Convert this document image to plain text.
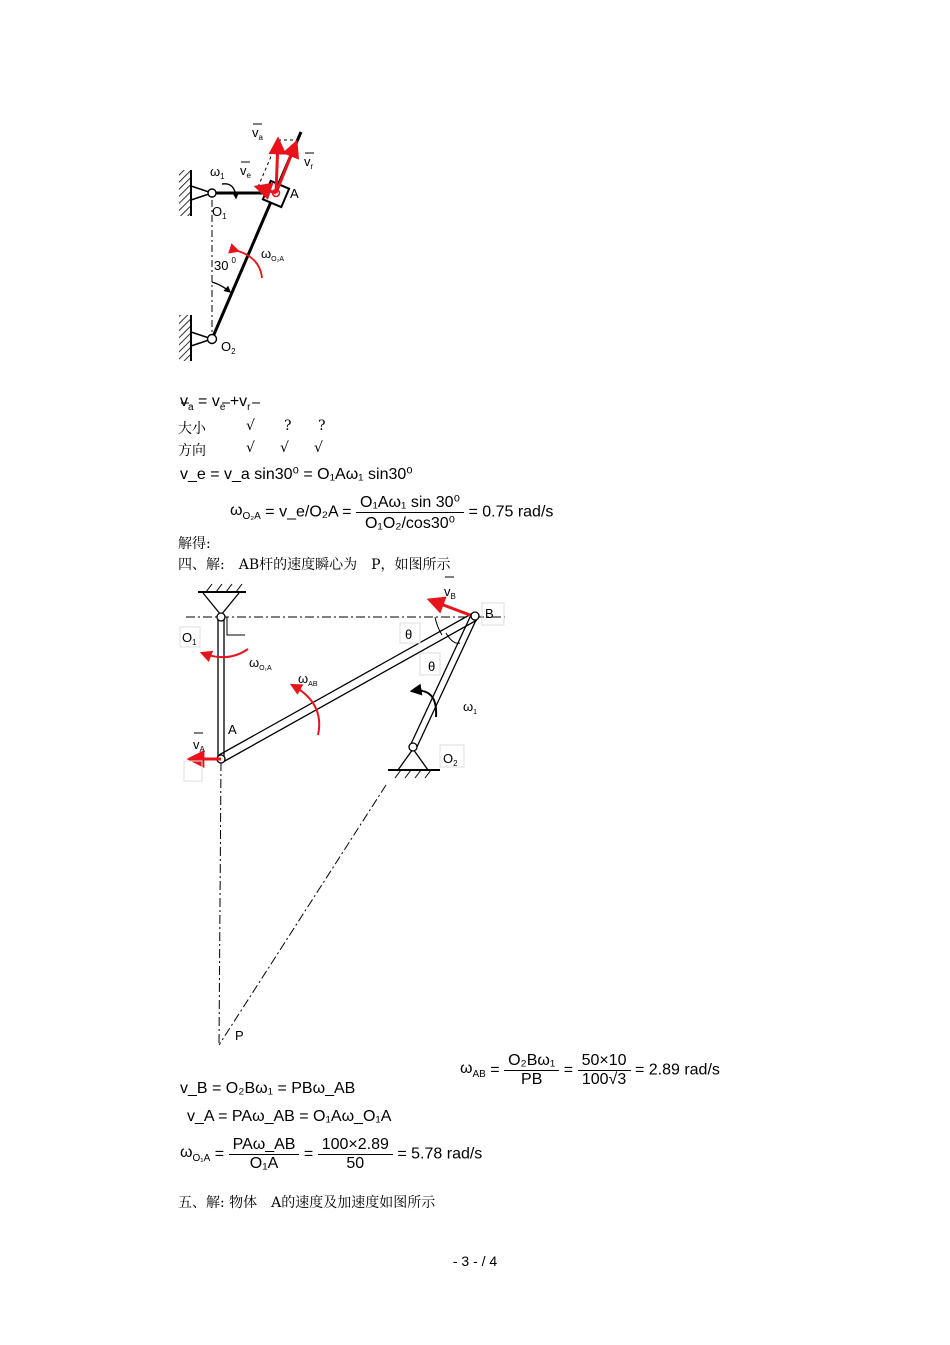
$v_a$
$v_r$
$v_e$
$\omega_1$
A
$O_1$
30 $^0$ $\omega_{O_2A}$
$O_2$
$v_a = v_e +v_r$
大小	√ ? ?
方向	√ √ √
v_e = v_a sin30⁰ = O₁Aω₁ sin30⁰
$\omega_{O_2A}$ = v_e/O₂A = $\frac{\text{O₁Aω₁ sin 30⁰}}{\text{O₁O₂/cos30⁰}} = 0.75$ rad/s
解得:
四、解:　AB杆的速度瞬心为　P，如图所示
$v_B$
B
$O_1$
θ
θ
$\omega_{O_1A}$
$\omega_{AB}$
$\omega_1$
A
$v_A$
$O_2$
P
$\omega_{AB} = \frac{\text{O₂Bω₁}}{PB} = \frac{50\times 10}{100√3} = 2.89$ rad/s
v_B = O₂Bω₁ = PBω_AB
v_A = PAω_AB = O₁Aω_O₁A
$\omega_{O_1A} = \frac{\text{PAω\_AB}}{\text{O₁A}} = \frac{100\times 2.89}{50} = 5.78$ rad/s
五、解: 物体　A的速度及加速度如图所示
- 3 - / 4
